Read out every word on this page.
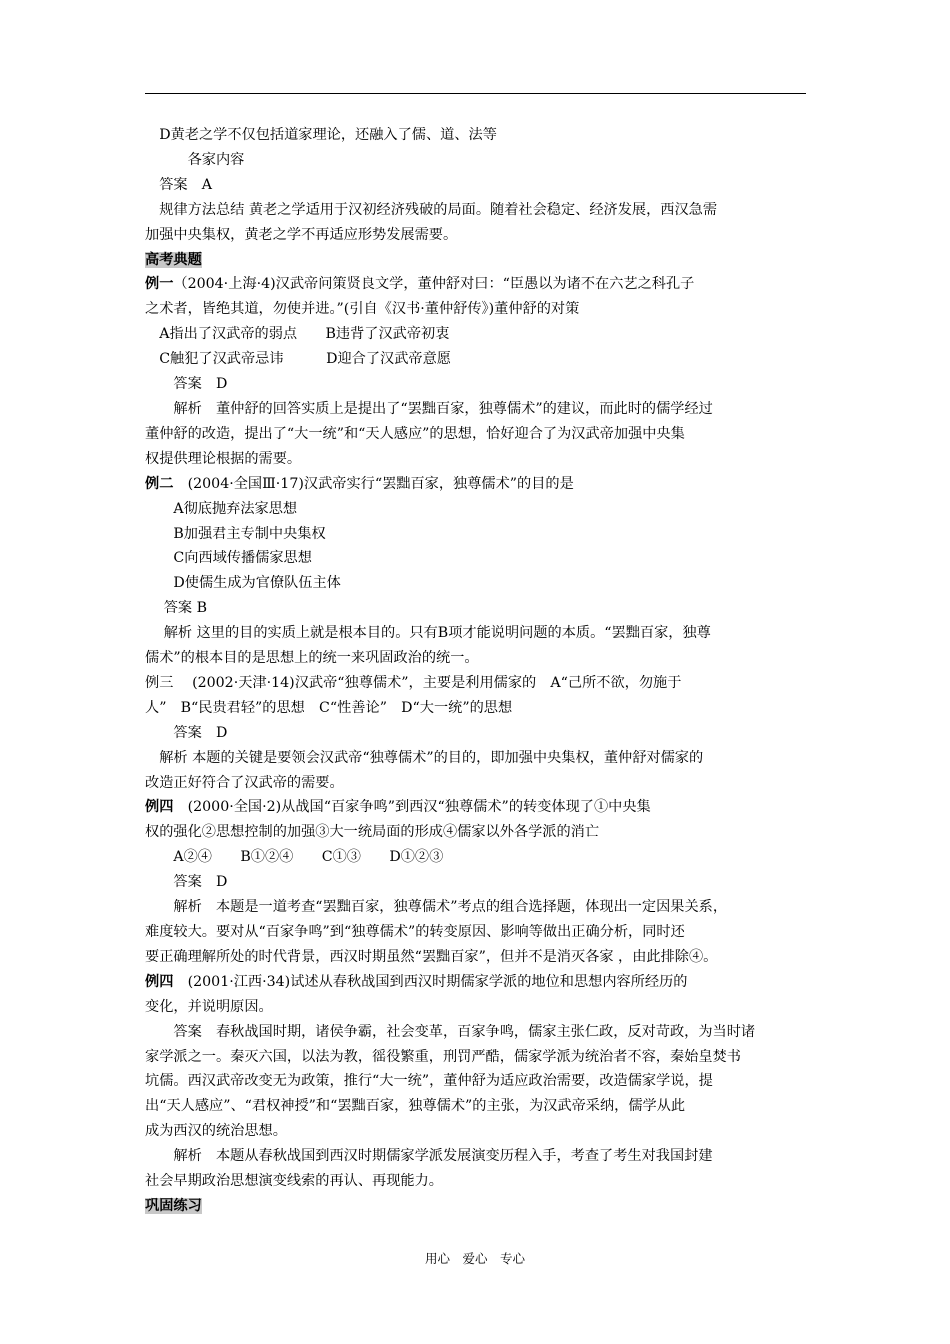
　D黄老之学不仅包括道家理论，还融入了儒、道、法等

　　　各家内容

　答案　A

　规律方法总结 黄老之学适用于汉初经济残破的局面。随着社会稳定、经济发展，西汉急需

加强中央集权，黄老之学不再适应形势发展需要。

高考典题

例一（2004·上海·4)汉武帝问策贤良文学，董仲舒对曰：“臣愚以为诸不在六艺之科孔子

之术者，皆绝其道，勿使并进。”(引自《汉书·董仲舒传》)董仲舒的对策

　A指出了汉武帝的弱点　　B违背了汉武帝初衷

　C触犯了汉武帝忌讳　　　D迎合了汉武帝意愿

　　答案　D

　　解析　董仲舒的回答实质上是提出了“罢黜百家，独尊儒术”的建议，而此时的儒学经过

董仲舒的改造，提出了“大一统”和“天人感应”的思想，恰好迎合了为汉武帝加强中央集

权提供理论根据的需要。

例二　(2004·全国Ⅲ·17)汉武帝实行“罢黜百家，独尊儒术”的目的是

　　A彻底抛弃法家思想

　　B加强君主专制中央集权

　　C向西域传播儒家思想

　　D使儒生成为官僚队伍主体

　 答案 B

　 解析 这里的目的实质上就是根本目的。只有B项才能说明问题的本质。“罢黜百家，独尊

儒术”的根本目的是思想上的统一来巩固政治的统一。

例三　 (2002·天津·14)汉武帝“独尊儒术”，主要是利用儒家的　A“己所不欲，勿施于

人”　B“民贵君轻”的思想　C“性善论”　D“大一统”的思想

　　答案　D

　解析 本题的关键是要领会汉武帝“独尊儒术”的目的，即加强中央集权，董仲舒对儒家的

改造正好符合了汉武帝的需要。

例四　(2000·全国·2)从战国“百家争鸣”到西汉“独尊儒术”的转变体现了①中央集

权的强化②思想控制的加强③大一统局面的形成④儒家以外各学派的消亡

　　A②④　　B①②④　　C①③　　D①②③

　　答案　D

　　解析　本题是一道考查“罢黜百家，独尊儒术”考点的组合选择题，体现出一定因果关系，

难度较大。要对从“百家争鸣”到“独尊儒术”的转变原因、影响等做出正确分析，同时还

要正确理解所处的时代背景，西汉时期虽然“罢黜百家”，但并不是消灭各家 ，由此排除④。

例四　(2001·江西·34)试述从春秋战国到西汉时期儒家学派的地位和思想内容所经历的

变化，并说明原因。

　　答案　春秋战国时期，诸侯争霸，社会变革，百家争鸣，儒家主张仁政，反对苛政，为当时诸

家学派之一。秦灭六国，以法为教，徭役繁重，刑罚严酷，儒家学派为统治者不容，秦始皇焚书

坑儒。西汉武帝改变无为政策，推行“大一统”，董仲舒为适应政治需要，改造儒家学说，提

出“天人感应”、“君权神授”和“罢黜百家，独尊儒术”的主张，为汉武帝采纳，儒学从此

成为西汉的统治思想。

　　解析　本题从春秋战国到西汉时期儒家学派发展演变历程入手，考查了考生对我国封建

社会早期政治思想演变线索的再认、再现能力。

巩固练习

用心　爱心　专心
